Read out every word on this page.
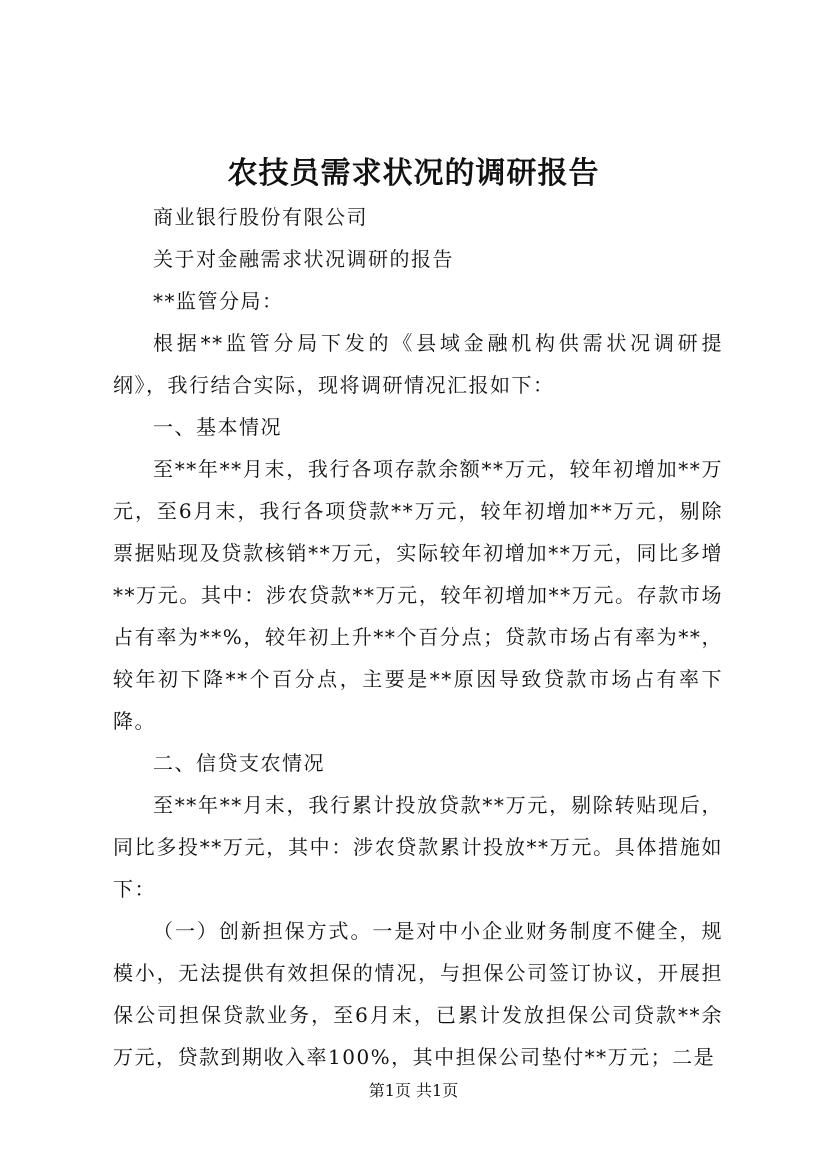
农技员需求状况的调研报告

商业银行股份有限公司

关于对金融需求状况调研的报告

**监管分局：

根据**监管分局下发的《县域金融机构供需状况调研提纲》，我行结合实际，现将调研情况汇报如下：

一、基本情况

至**年**月末，我行各项存款余额**万元，较年初增加**万元，至6月末，我行各项贷款**万元，较年初增加**万元，剔除票据贴现及贷款核销**万元，实际较年初增加**万元，同比多增**万元。其中：涉农贷款**万元，较年初增加**万元。存款市场占有率为**%，较年初上升**个百分点；贷款市场占有率为**，较年初下降**个百分点，主要是**原因导致贷款市场占有率下降。

二、信贷支农情况

至**年**月末，我行累计投放贷款**万元，剔除转贴现后，同比多投**万元，其中：涉农贷款累计投放**万元。具体措施如下：

（一）创新担保方式。一是对中小企业财务制度不健全，规模小，无法提供有效担保的情况，与担保公司签订协议，开展担保公司担保贷款业务，至6月末，已累计发放担保公司贷款**余万元，贷款到期收入率100%，其中担保公司垫付**万元；二是

第1页 共1页
